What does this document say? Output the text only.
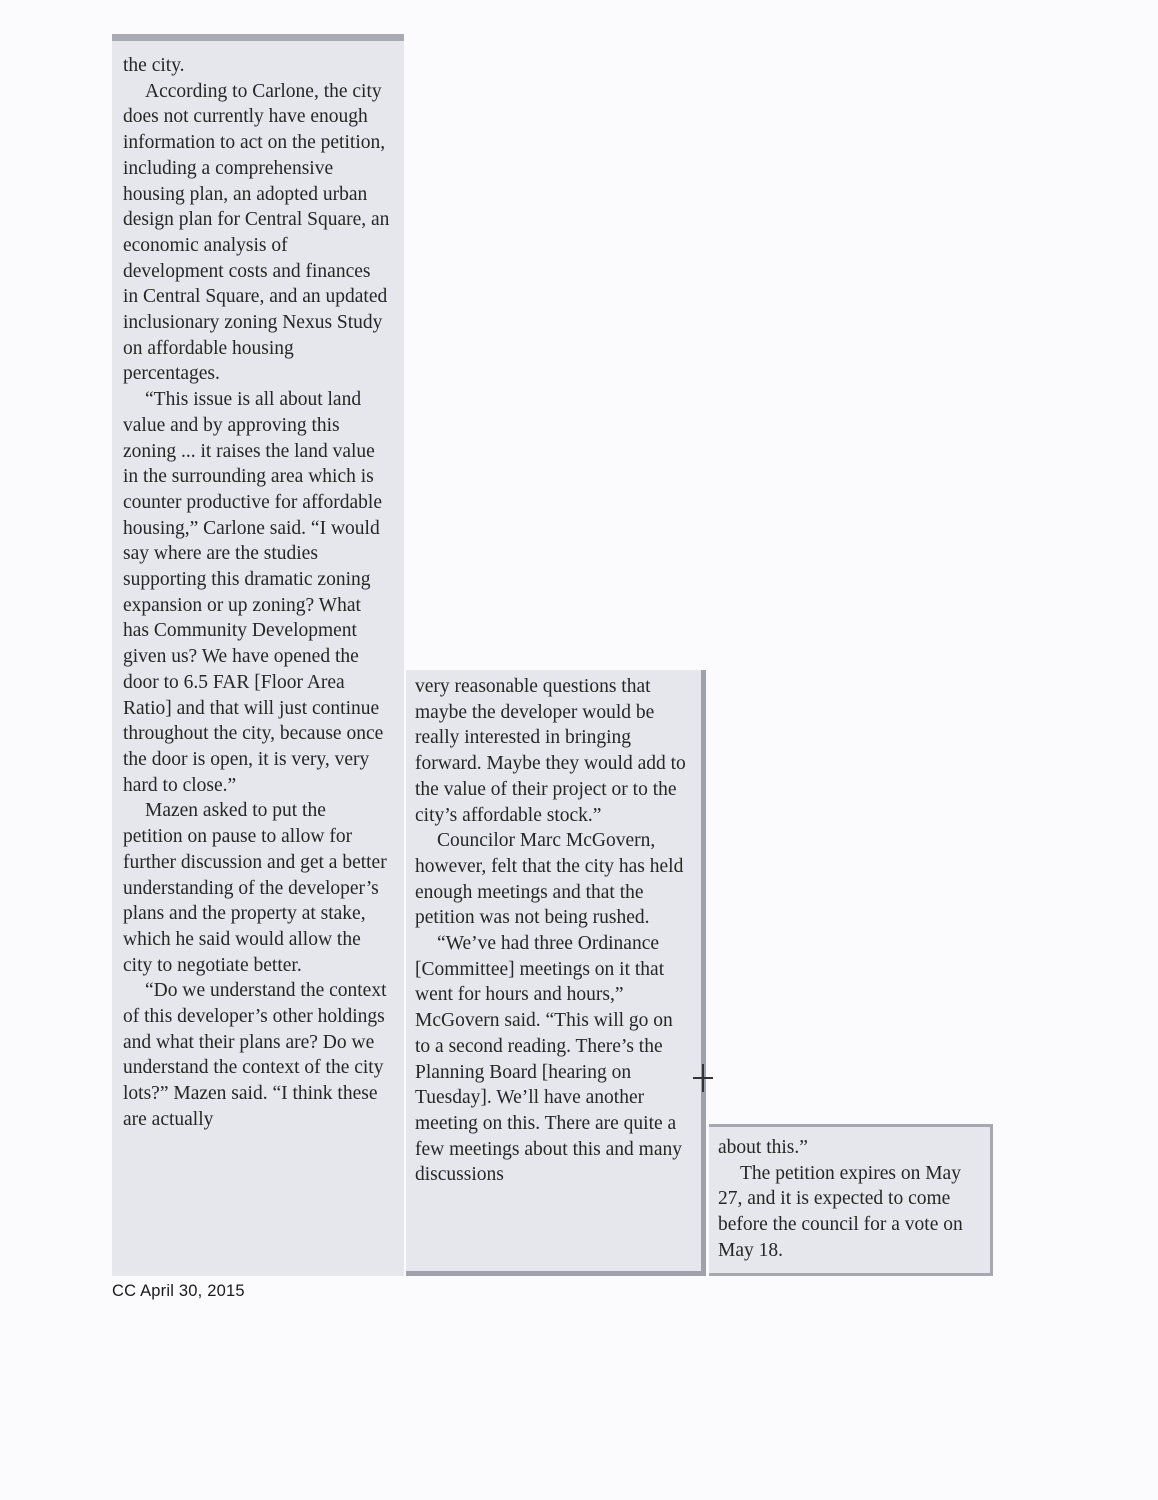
the city.

According to Carlone, the city does not currently have enough information to act on the petition, including a comprehensive housing plan, an adopted urban design plan for Central Square, an economic analysis of development costs and finances in Central Square, and an updated inclusionary zoning Nexus Study on affordable housing percentages.

“This issue is all about land value and by approving this zoning ... it raises the land value in the surrounding area which is counter productive for affordable housing,” Carlone said. “I would say where are the studies supporting this dramatic zoning expansion or up zoning? What has Community Development given us? We have opened the door to 6.5 FAR [Floor Area Ratio] and that will just continue throughout the city, because once the door is open, it is very, very hard to close.”

Mazen asked to put the petition on pause to allow for further discussion and get a better understanding of the developer’s plans and the property at stake, which he said would allow the city to negotiate better.

“Do we understand the context of this developer’s other holdings and what their plans are? Do we understand the context of the city lots?” Mazen said. “I think these are actually

very reasonable questions that maybe the developer would be really interested in bringing forward. Maybe they would add to the value of their project or to the city’s affordable stock.”

Councilor Marc McGovern, however, felt that the city has held enough meetings and that the petition was not being rushed.

“We’ve had three Ordinance [Committee] meetings on it that went for hours and hours,” McGovern said. “This will go on to a second reading. There’s the Planning Board [hearing on Tuesday]. We’ll have another meeting on this. There are quite a few meetings about this and many discussions

about this.”

The petition expires on May 27, and it is expected to come before the council for a vote on May 18.

CC April 30, 2015
